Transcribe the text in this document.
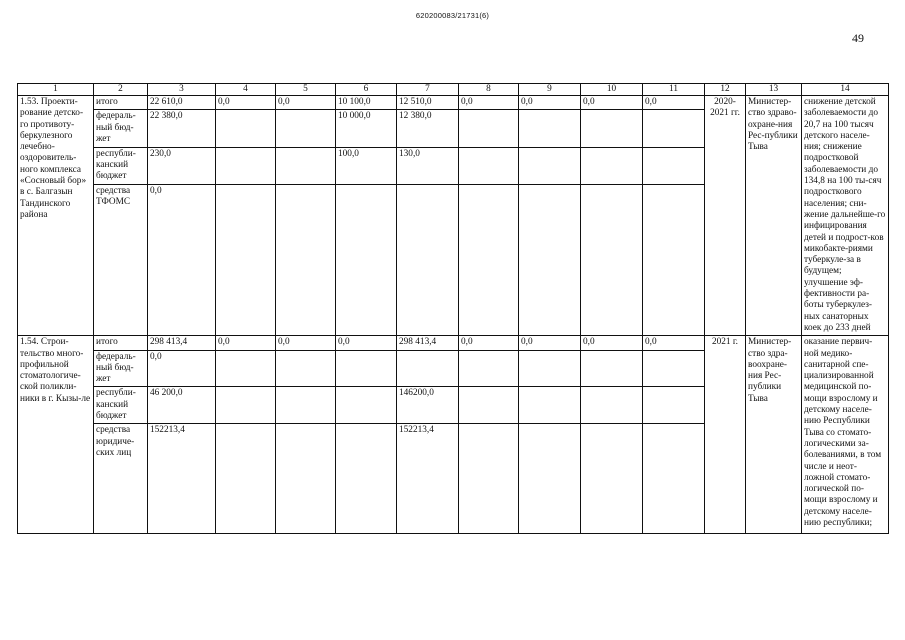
620200083/21731(6)
49
1	2	3	4	5	6	7	8	9	10	11	12	13	14
1.53. Проекти-рование детско-го противоту-беркулезного лечебно-оздоровитель-ного комплекса «Сосновый бор» в с. Балгазын Тандинского района	итого	22 610,0	0,0	0,0	10 100,0	12 510,0	0,0	0,0	0,0	0,0	2020-2021 гг.	Министер-ство здраво-охране-ния Рес-публики Тыва	снижение детской заболеваемости до 20,7 на 100 тысяч детского населе-ния; снижение подростковой заболеваемости до 134,8 на 100 ты-сяч подросткового населения; сни-жение дальнейше-го инфицирования детей и подрост-ков микобакте-риями туберкуле-за в будущем; улучшение эф-фективности ра-боты туберкулез-ных санаторных коек до 233 дней
	федераль-ный бюд-жет	22 380,0			10 000,0	12 380,0							
	республи-канский бюджет	230,0			100,0	130,0							
	средства ТФОМС	0,0											
1.54. Строи-тельство много-профильной стоматологиче-ской поликли-ники в г. Кызы-ле	итого	298 413,4	0,0	0,0	0,0	298 413,4	0,0	0,0	0,0	0,0	2021 г.	Министер-ство здра-воохране-ния Рес-публики Тыва	оказание первич-ной медико-санитарной спе-циализированной медицинской по-мощи взрослому и детскому населе-нию Республики Тыва со стомато-логическими за-болеваниями, в том числе и неот-ложной стомато-логической по-мощи взрослому и детскому населе-нию республики;
	федераль-ный бюд-жет	0,0											
	республи-канский бюджет	46 200,0				146200,0							
	средства юридиче-ских лиц	152213,4				152213,4							
